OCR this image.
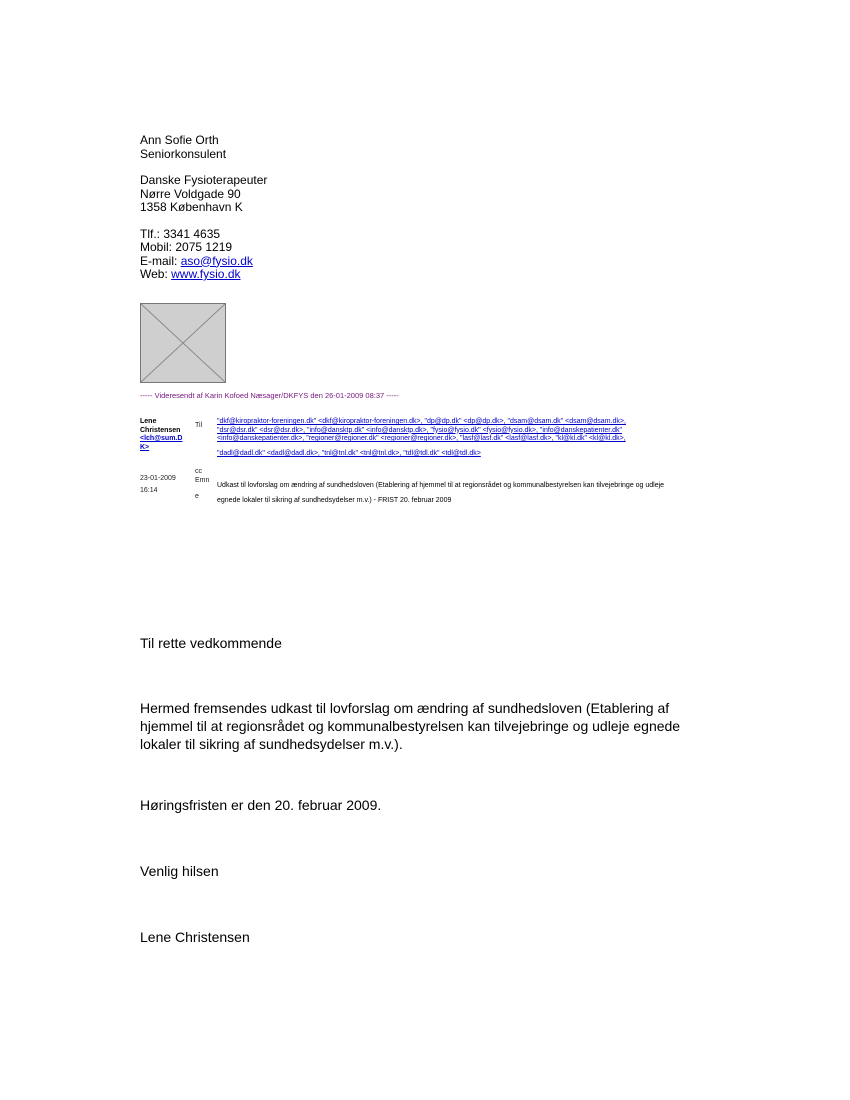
Ann Sofie Orth
Seniorkonsulent
Danske Fysioterapeuter
Nørre Voldgade 90
1358 København K
Tlf.: 3341 4635
Mobil: 2075 1219
E-mail: aso@fysio.dk
Web: www.fysio.dk
----- Videresendt af Karin Kofoed Næsager/DKFYS den 26-01-2009 08:37 -----
Lene
Christensen
<lch@sum.D
K>
23-01-2009
16:14
Til
cc
Emn
e
"dkf@kiropraktor-foreningen.dk" <dkf@kiropraktor-foreningen.dk>, "dp@dp.dk" <dp@dp.dk>, "dsam@dsam.dk" <dsam@dsam.dk>,
"dsr@dsr.dk" <dsr@dsr.dk>, "info@dansktp.dk" <info@dansktp.dk>, "fysio@fysio.dk" <fysio@fysio.dk>, "info@danskepatienter.dk"
<info@danskepatienter.dk>, "regioner@regioner.dk" <regioner@regioner.dk>, "lasf@lasf.dk" <lasf@lasf.dk>, "kl@kl.dk" <kl@kl.dk>,
"dadl@dadl.dk" <dadl@dadl.dk>, "tnl@tnl.dk" <tnl@tnl.dk>, "tdl@tdl.dk" <tdl@tdl.dk>
Udkast til lovforslag om ændring af sundhedsloven (Etablering af hjemmel til at regionsrådet og kommunalbestyrelsen kan tilvejebringe og udleje
egnede lokaler til sikring af sundhedsydelser m.v.) - FRIST 20. februar 2009
Til rette vedkommende
Hermed fremsendes udkast til lovforslag om ændring af sundhedsloven (Etablering af hjemmel til at regionsrådet og kommunalbestyrelsen kan tilvejebringe og udleje egnede lokaler til sikring af sundhedsydelser m.v.).
Høringsfristen er den 20. februar 2009.
Venlig hilsen
Lene Christensen
